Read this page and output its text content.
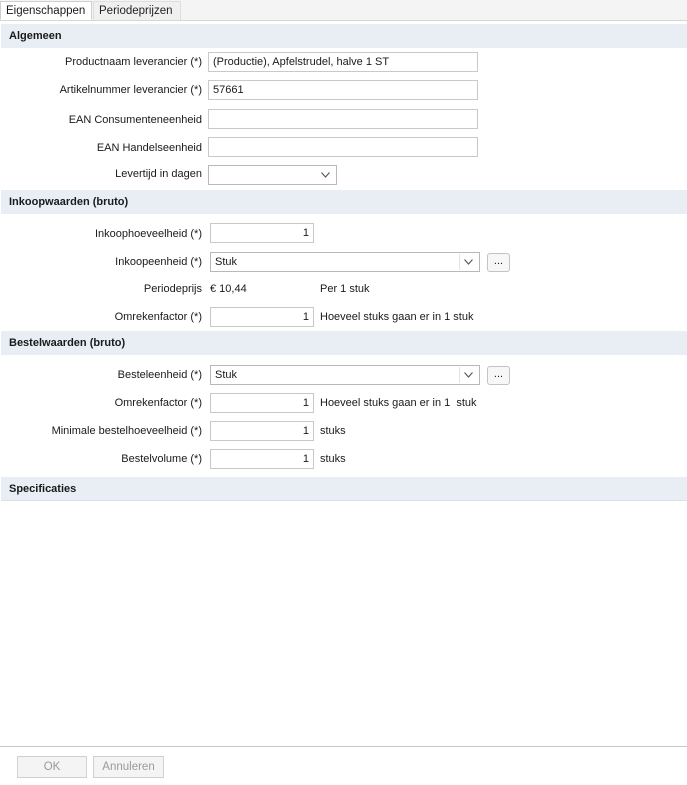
Eigenschappen	Periodeprijzen
Algemeen
Productnaam leverancier (*)	(Productie), Apfelstrudel, halve 1 ST
Artikelnummer leverancier (*)	57661
EAN Consumenteneenheid
EAN Handelseenheid
Levertijd in dagen
Inkoopwaarden (bruto)
Inkoophoeveelheid (*)	1
Inkoopeenheid (*)	Stuk	...
Periodeprijs € 10,44	Per 1 stuk
Omrekenfactor (*)	1	Hoeveel stuks gaan er in 1 stuk
Bestelwaarden (bruto)
Besteleenheid (*)	Stuk	...
Omrekenfactor (*)	1	Hoeveel stuks gaan er in 1  stuk
Minimale bestelhoeveelheid (*)	1	stuks
Bestelvolume (*)	1	stuks
Specificaties
OK	Annuleren
